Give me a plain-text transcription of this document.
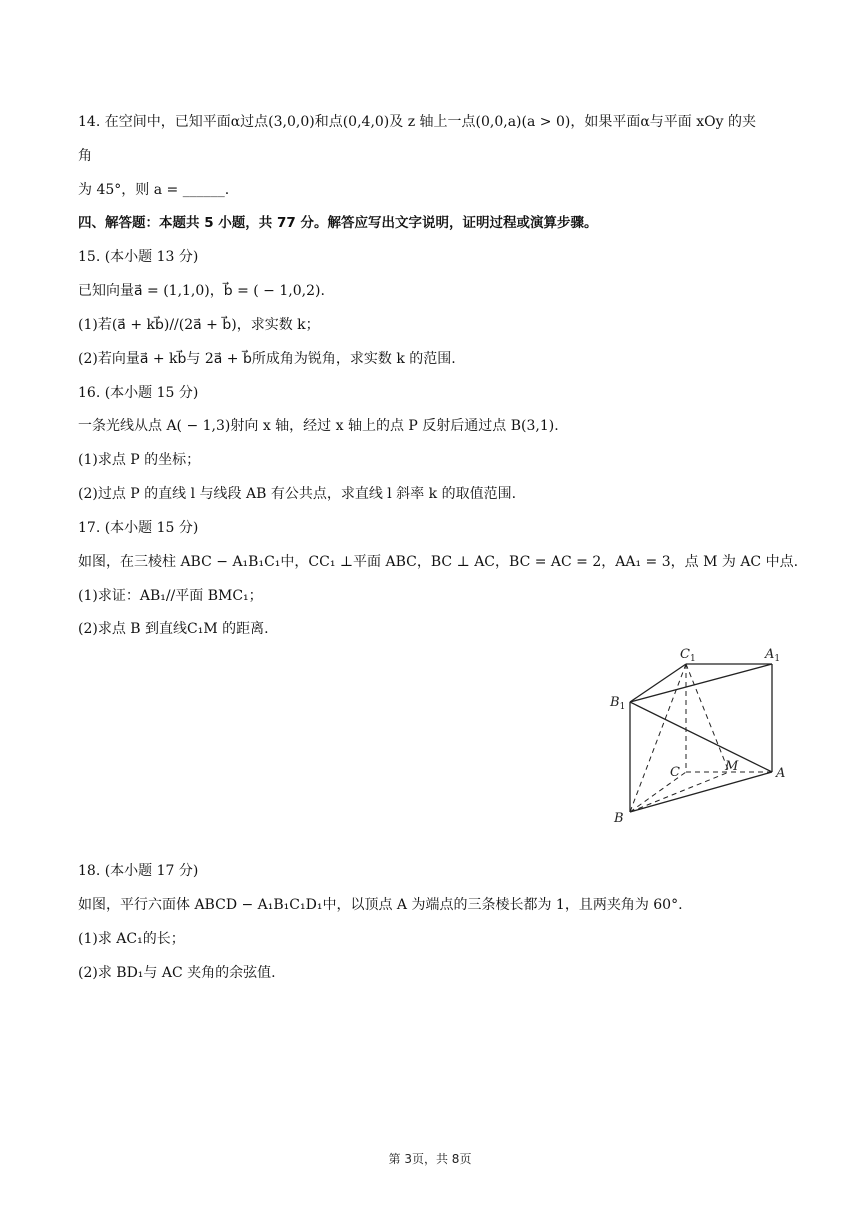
14. 在空间中，已知平面α过点(3,0,0)和点(0,4,0)及 z 轴上一点(0,0,a)(a > 0)，如果平面α与平面 xOy 的夹
角
为 45°，则 a = ______.
四、解答题：本题共 5 小题，共 77 分。解答应写出文字说明，证明过程或演算步骤。
15. (本小题 13 分)
已知向量a⃗ = (1,1,0)，b⃗ = ( − 1,0,2).
(1)若(a⃗ + kb⃗)//(2a⃗ + b⃗)，求实数 k；
(2)若向量a⃗ + kb⃗与 2a⃗ + b⃗所成角为锐角，求实数 k 的范围.
16. (本小题 15 分)
一条光线从点 A( − 1,3)射向 x 轴，经过 x 轴上的点 P 反射后通过点 B(3,1).
(1)求点 P 的坐标；
(2)过点 P 的直线 l 与线段 AB 有公共点，求直线 l 斜率 k 的取值范围.
17. (本小题 15 分)
如图，在三棱柱 ABC − A₁B₁C₁中，CC₁ ⊥平面 ABC，BC ⊥ AC，BC = AC = 2，AA₁ = 3，点 M 为 AC 中点.
(1)求证：AB₁//平面 BMC₁；
(2)求点 B 到直线C₁M 的距离.
$C_1$	$A_1$
$B_1$
C	M	A
B
18. (本小题 17 分)
如图，平行六面体 ABCD − A₁B₁C₁D₁中，以顶点 A 为端点的三条棱长都为 1，且两夹角为 60°.
(1)求 AC₁的长；
(2)求 BD₁与 AC 夹角的余弦值.
第 3页，共 8页
